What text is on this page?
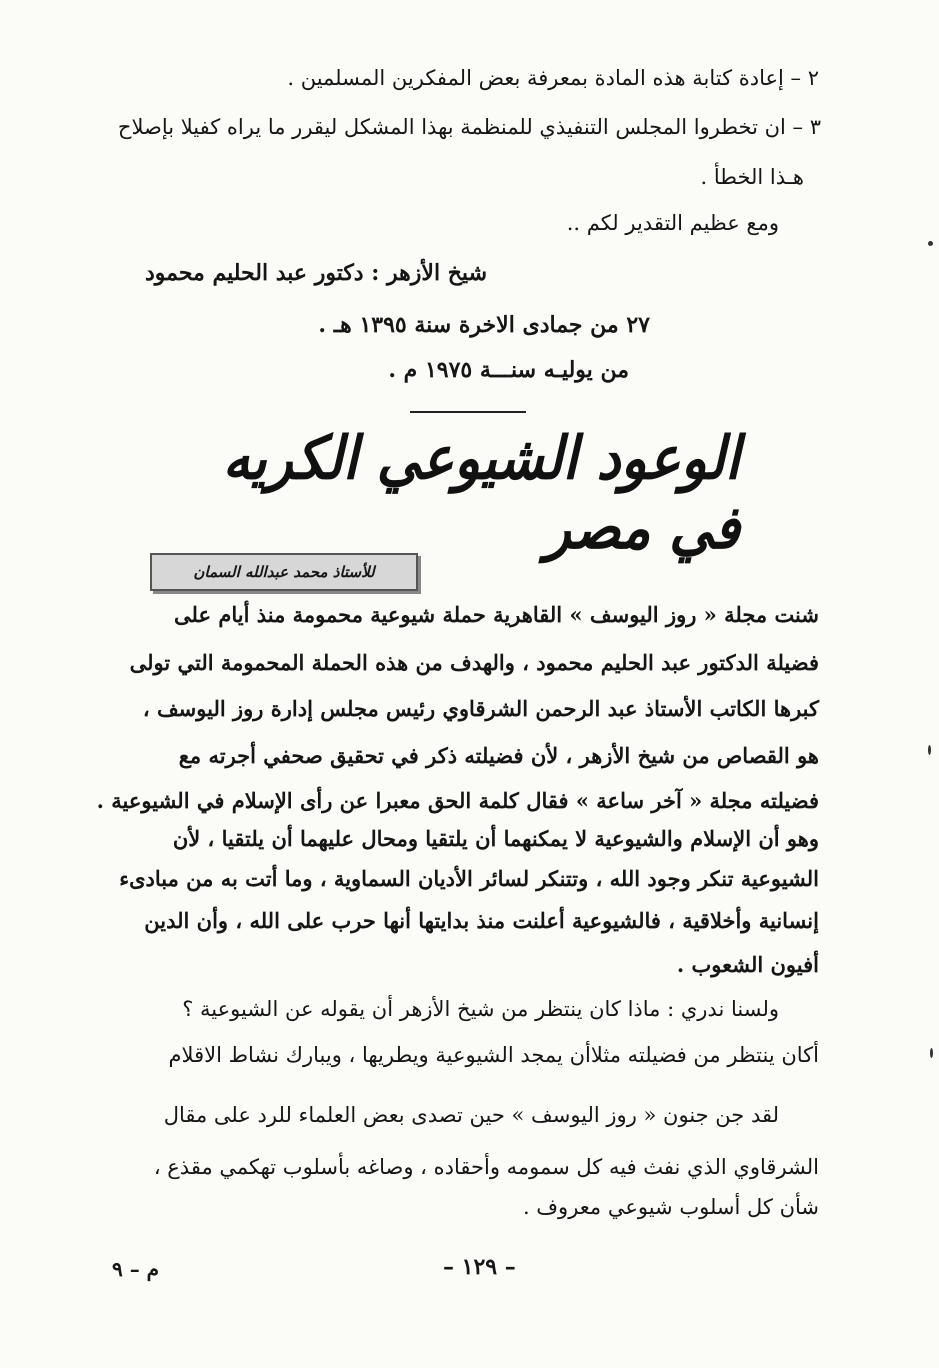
٢ – إعادة كتابة هذه المادة بمعرفة بعض المفكرين المسلمين .
٣ – ان تخطروا المجلس التنفيذي للمنظمة بهذا المشكل ليقرر ما يراه كفيلا بإصلاح
هـذا الخطأ .
ومع عظيم التقدير لكم ..
شيخ الأزهر : دكتور عبد الحليم محمود
٢٧ من جمادى الاخرة سنة ١٣٩٥ هـ .
من يوليـه سنـــة ١٩٧٥ م .
الوعود الشيوعي الكريه في مصر
للأستاذ محمد عبدالله السمان
شنت مجلة « روز اليوسف » القاهرية حملة شيوعية محمومة منذ أيام على
فضيلة الدكتور عبد الحليم محمود ، والهدف من هذه الحملة المحمومة التي تولى
كبرها الكاتب الأستاذ عبد الرحمن الشرقاوي رئيس مجلس إدارة روز اليوسف ،
هو القصاص من شيخ الأزهر ، لأن فضيلته ذكر في تحقيق صحفي أجرته مع
فضيلته مجلة « آخر ساعة » فقال كلمة الحق معبرا عن رأى الإسلام في الشيوعية .
وهو أن الإسلام والشيوعية لا يمكنهما أن يلتقيا ومحال عليهما أن يلتقيا ، لأن
الشيوعية تنكر وجود الله ، وتتنكر لسائر الأديان السماوية ، وما أتت به من مبادىء
إنسانية وأخلاقية ، فالشيوعية أعلنت منذ بدايتها أنها حرب على الله ، وأن الدين
أفيون الشعوب .
ولسنا ندري : ماذا كان ينتظر من شيخ الأزهر أن يقوله عن الشيوعية ؟
أكان ينتظر من فضيلته مثلاأن يمجد الشيوعية ويطريها ، ويبارك نشاط الاقلام
لقد جن جنون « روز اليوسف » حين تصدى بعض العلماء للرد على مقال
الشرقاوي الذي نفث فيه كل سمومه وأحقاده ، وصاغه بأسلوب تهكمي مقذع ،
شأن كل أسلوب شيوعي معروف .
– ١٢٩ –
م – ٩
